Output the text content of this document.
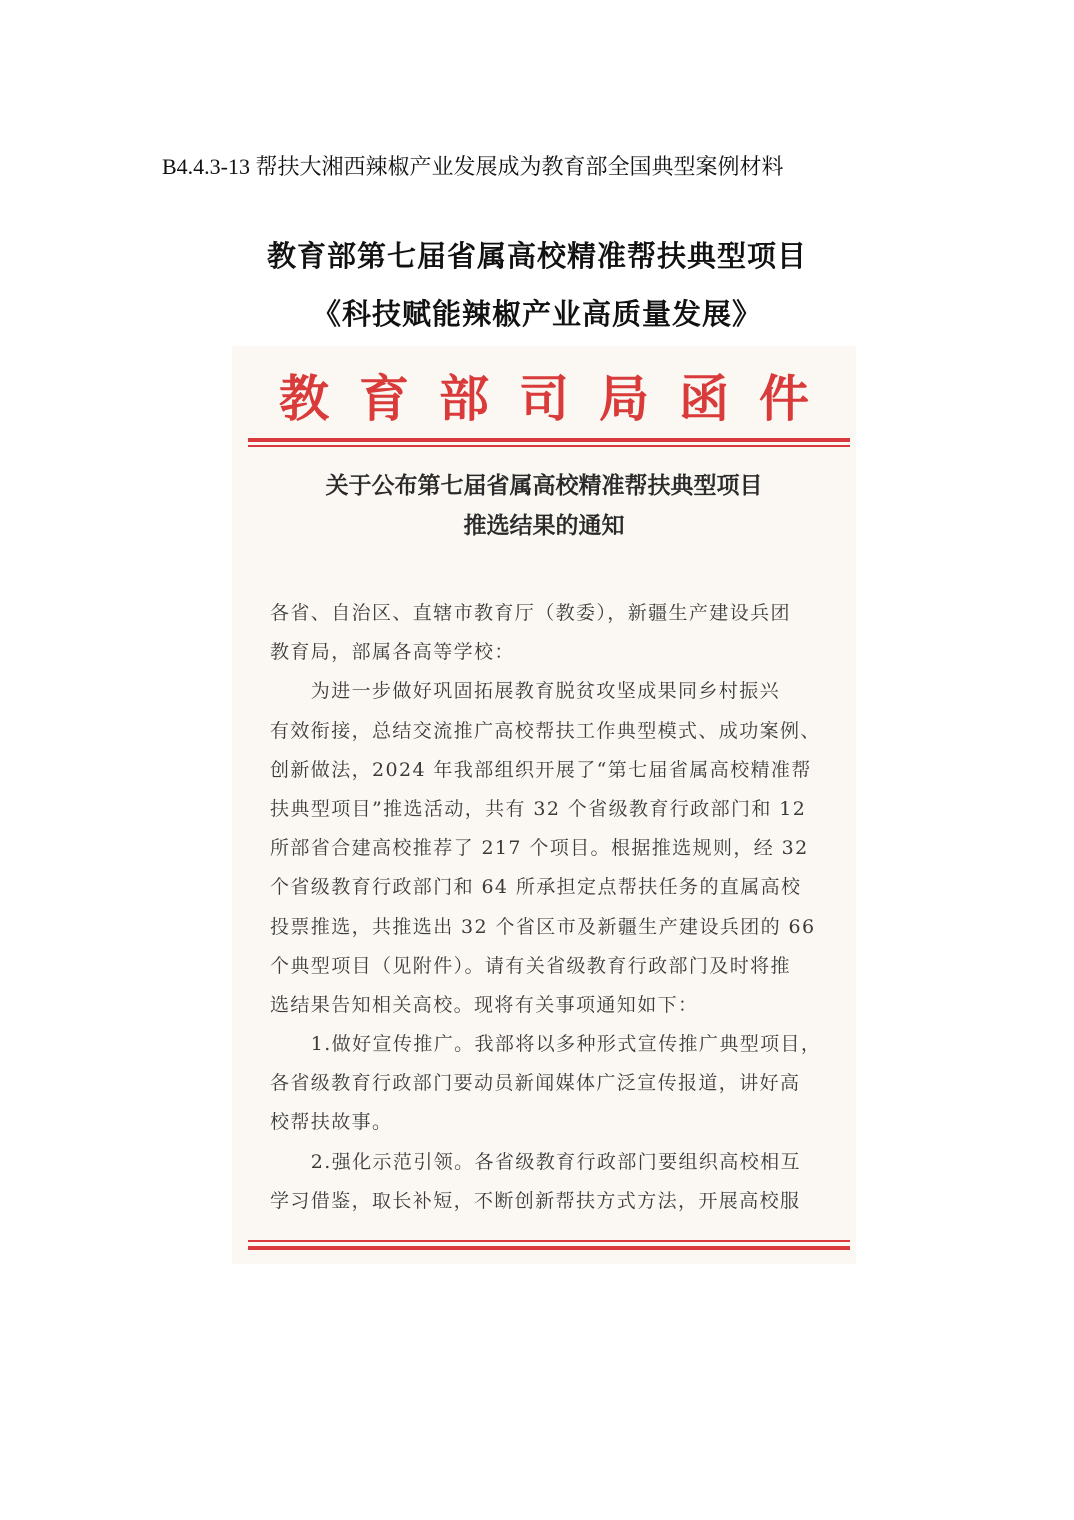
B4.4.3-13 帮扶大湘西辣椒产业发展成为教育部全国典型案例材料
教育部第七届省属高校精准帮扶典型项目
《科技赋能辣椒产业高质量发展》
教育部司局函件
关于公布第七届省属高校精准帮扶典型项目
推选结果的通知
各省、自治区、直辖市教育厅（教委），新疆生产建设兵团
教育局，部属各高等学校：
　　为进一步做好巩固拓展教育脱贫攻坚成果同乡村振兴
有效衔接，总结交流推广高校帮扶工作典型模式、成功案例、
创新做法，2024 年我部组织开展了“第七届省属高校精准帮
扶典型项目”推选活动，共有 32 个省级教育行政部门和 12
所部省合建高校推荐了 217 个项目。根据推选规则，经 32
个省级教育行政部门和 64 所承担定点帮扶任务的直属高校
投票推选，共推选出 32 个省区市及新疆生产建设兵团的 66
个典型项目（见附件）。请有关省级教育行政部门及时将推
选结果告知相关高校。现将有关事项通知如下：
　　1.做好宣传推广。我部将以多种形式宣传推广典型项目，
各省级教育行政部门要动员新闻媒体广泛宣传报道，讲好高
校帮扶故事。
　　2.强化示范引领。各省级教育行政部门要组织高校相互
学习借鉴，取长补短，不断创新帮扶方式方法，开展高校服
